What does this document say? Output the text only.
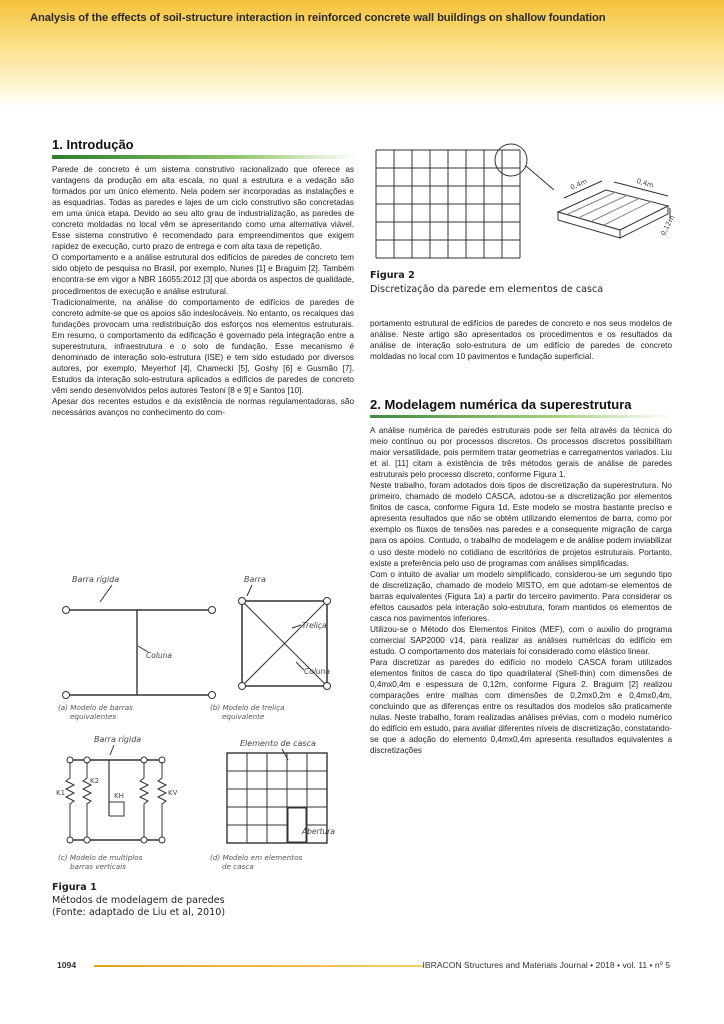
Analysis of the effects of soil-structure interaction in reinforced concrete wall buildings on shallow foundation
1. Introdução

Parede de concreto é um sistema construtivo racionalizado que oferece as vantagens da produção em alta escala, no qual a estrutura e a vedação são formados por um único elemento. Nela podem ser incorporadas as instalações e as esquadrias. Todas as paredes e lajes de um ciclo construtivo são concretadas em uma única etapa. Devido ao seu alto grau de industrialização, as paredes de concreto moldadas no local vêm se apresentando como uma alternativa viável. Esse sistema construtivo é recomendado para empreendimentos que exigem rapidez de execução, curto prazo de entrega e com alta taxa de repetição.

O comportamento e a análise estrutural dos edifícios de paredes de concreto tem sido objeto de pesquisa no Brasil, por exemplo, Nunes [1] e Braguim [2]. Também encontra-se em vigor a NBR 16055:2012 [3] que aborda os aspectos de qualidade, procedimentos de execução e análise estrutural.

Tradicionalmente, na análise do comportamento de edifícios de paredes de concreto admite-se que os apoios são indeslocáveis. No entanto, os recalques das fundações provocam uma redistribuição dos esforços nos elementos estruturais. Em resumo, o comportamento da edificação é governado pela integração entre a superestrutura, infraestrutura e o solo de fundação. Esse mecanismo é denominado de interação solo-estrutura (ISE) e tem sido estudado por diversos autores, por exemplo, Meyerhof [4], Chamecki [5], Goshy [6] e Gusmão [7]. Estudos da interação solo-estrutura aplicados a edifícios de paredes de concreto vêm sendo desenvolvidos pelos autores Testoni [8 e 9] e Santos [10].

Apesar dos recentes estudos e da existência de normas regulamentadoras, são necessários avanços no conhecimento do com-

Barra rígida
Coluna
(a) Modelo de barras
equivalentes
Barra
Treliça
Coluna
(b) Modelo de treliça
equivalente
Barra rígida
K1
K2
KH	KV
(c) Modelo de multiplos
barras verticais
Elemento de casca
Abertura
(d) Modelo em elementos
de casca
Figura 1
Métodos de modelagem de paredes
(Fonte: adaptado de Liu et al, 2010)
0,4m	0,4m
0,12m
Figura 2
Discretização da parede em elementos de casca

portamento estrutural de edifícios de paredes de concreto e nos seus modelos de análise. Neste artigo são apresentados os procedimentos e os resultados da análise de interação solo-estrutura de um edifício de paredes de concreto moldadas no local com 10 pavimentos e fundação superficial.

2. Modelagem numérica da superestrutura

A análise numérica de paredes estruturais pode ser feita através da técnica do meio contínuo ou por processos discretos. Os processos discretos possibilitam maior versatilidade, pois permitem tratar geometrias e carregamentos variados. Liu et al. [11] citam a existência de três métodos gerais de análise de paredes estruturais pelo processo discreto, conforme Figura 1.

Neste trabalho, foram adotados dois tipos de discretização da superestrutura. No primeiro, chamado de modelo CASCA, adotou-se a discretização por elementos finitos de casca, conforme Figura 1d. Este modelo se mostra bastante preciso e apresenta resultados que não se obtém utilizando elementos de barra, como por exemplo os fluxos de tensões nas paredes e a consequente migração de carga para os apoios. Contudo, o trabalho de modelagem e de análise podem inviabilizar o uso deste modelo no cotidiano de escritórios de projetos estruturais. Portanto, existe a preferência pelo uso de programas com análises simplificadas.

Com o intuito de avaliar um modelo simplificado, considerou-se um segundo tipo de discretização, chamado de modelo MISTO, em que adotam-se elementos de barras equivalentes (Figura 1a) a partir do terceiro pavimento. Para considerar os efeitos causados pela interação solo-estrutura, foram mantidos os elementos de casca nos pavimentos inferiores.

Utilizou-se o Método dos Elementos Finitos (MEF), com o auxilio do programa comercial SAP2000 v14, para realizar as análises numéricas do edifício em estudo. O comportamento dos materiais foi considerado como elástico linear.

Para discretizar as paredes do edifício no modelo CASCA foram utilizados elementos finitos de casca do tipo quadrilateral (Shell-thin) com dimensões de 0,4mx0,4m e espessura de 0,12m, conforme Figura 2. Braguim [2] realizou comparações entre malhas com dimensões de 0,2mx0,2m e 0,4mx0,4m, concluindo que as diferenças entre os resultados dos modelos são praticamente nulas. Neste trabalho, foram realizadas análises prévias, com o modelo numérico do edifício em estudo, para avaliar diferentes níveis de discretização, constatando-se que a adoção do elemento 0,4mx0,4m apresenta resultados equivalentes a discretizações

1094	IBRACON Structures and Materials Journal • 2018 • vol. 11 • nº 5
